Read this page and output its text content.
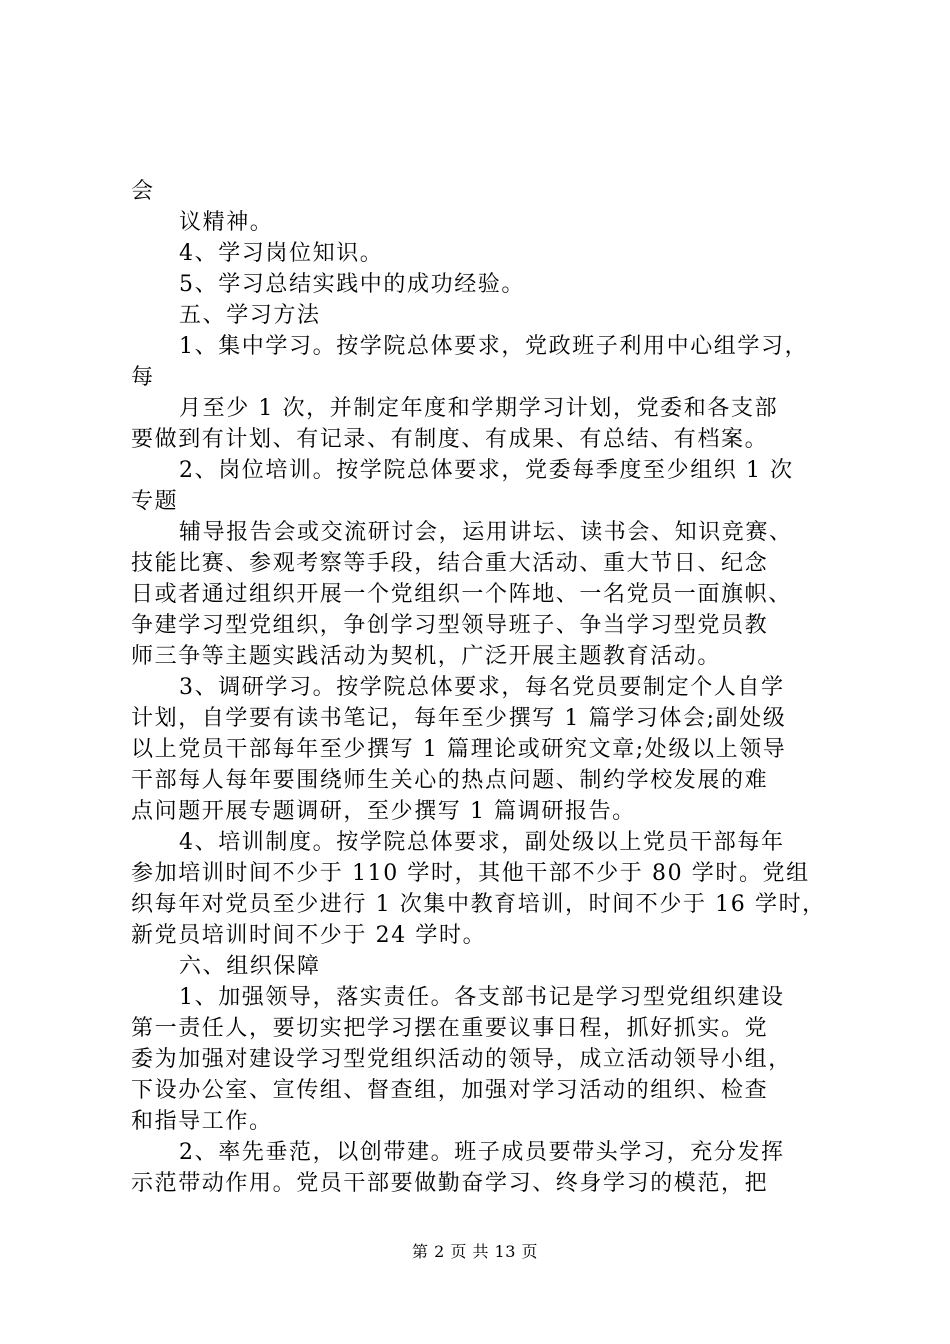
会
议精神。
4、学习岗位知识。
5、学习总结实践中的成功经验。
五、学习方法
1、集中学习。按学院总体要求，党政班子利用中心组学习，
每
月至少 1 次，并制定年度和学期学习计划，党委和各支部
要做到有计划、有记录、有制度、有成果、有总结、有档案。
2、岗位培训。按学院总体要求，党委每季度至少组织 1 次
专题
辅导报告会或交流研讨会，运用讲坛、读书会、知识竞赛、
技能比赛、参观考察等手段，结合重大活动、重大节日、纪念
日或者通过组织开展一个党组织一个阵地、一名党员一面旗帜、
争建学习型党组织，争创学习型领导班子、争当学习型党员教
师三争等主题实践活动为契机，广泛开展主题教育活动。
3、调研学习。按学院总体要求，每名党员要制定个人自学
计划，自学要有读书笔记，每年至少撰写 1 篇学习体会;副处级
以上党员干部每年至少撰写 1 篇理论或研究文章;处级以上领导
干部每人每年要围绕师生关心的热点问题、制约学校发展的难
点问题开展专题调研，至少撰写 1 篇调研报告。
4、培训制度。按学院总体要求，副处级以上党员干部每年
参加培训时间不少于 110 学时，其他干部不少于 80 学时。党组
织每年对党员至少进行 1 次集中教育培训，时间不少于 16 学时，
新党员培训时间不少于 24 学时。
六、组织保障
1、加强领导，落实责任。各支部书记是学习型党组织建设
第一责任人，要切实把学习摆在重要议事日程，抓好抓实。党
委为加强对建设学习型党组织活动的领导，成立活动领导小组，
下设办公室、宣传组、督查组，加强对学习活动的组织、检查
和指导工作。
2、率先垂范，以创带建。班子成员要带头学习，充分发挥
示范带动作用。党员干部要做勤奋学习、终身学习的模范，把
第 2 页 共 13 页
